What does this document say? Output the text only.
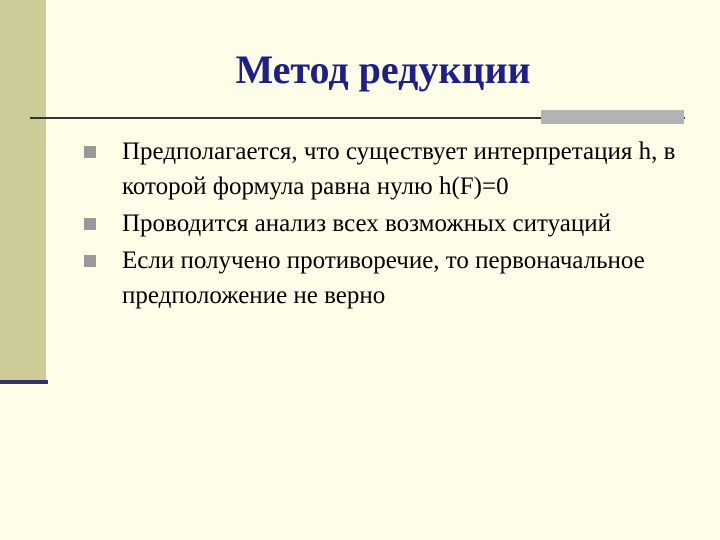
Метод редукции
Предполагается, что существует интерпретация h, в которой формула равна нулю h(F)=0
Проводится анализ всех возможных ситуаций
Если получено противоречие, то первоначальное предположение не верно
